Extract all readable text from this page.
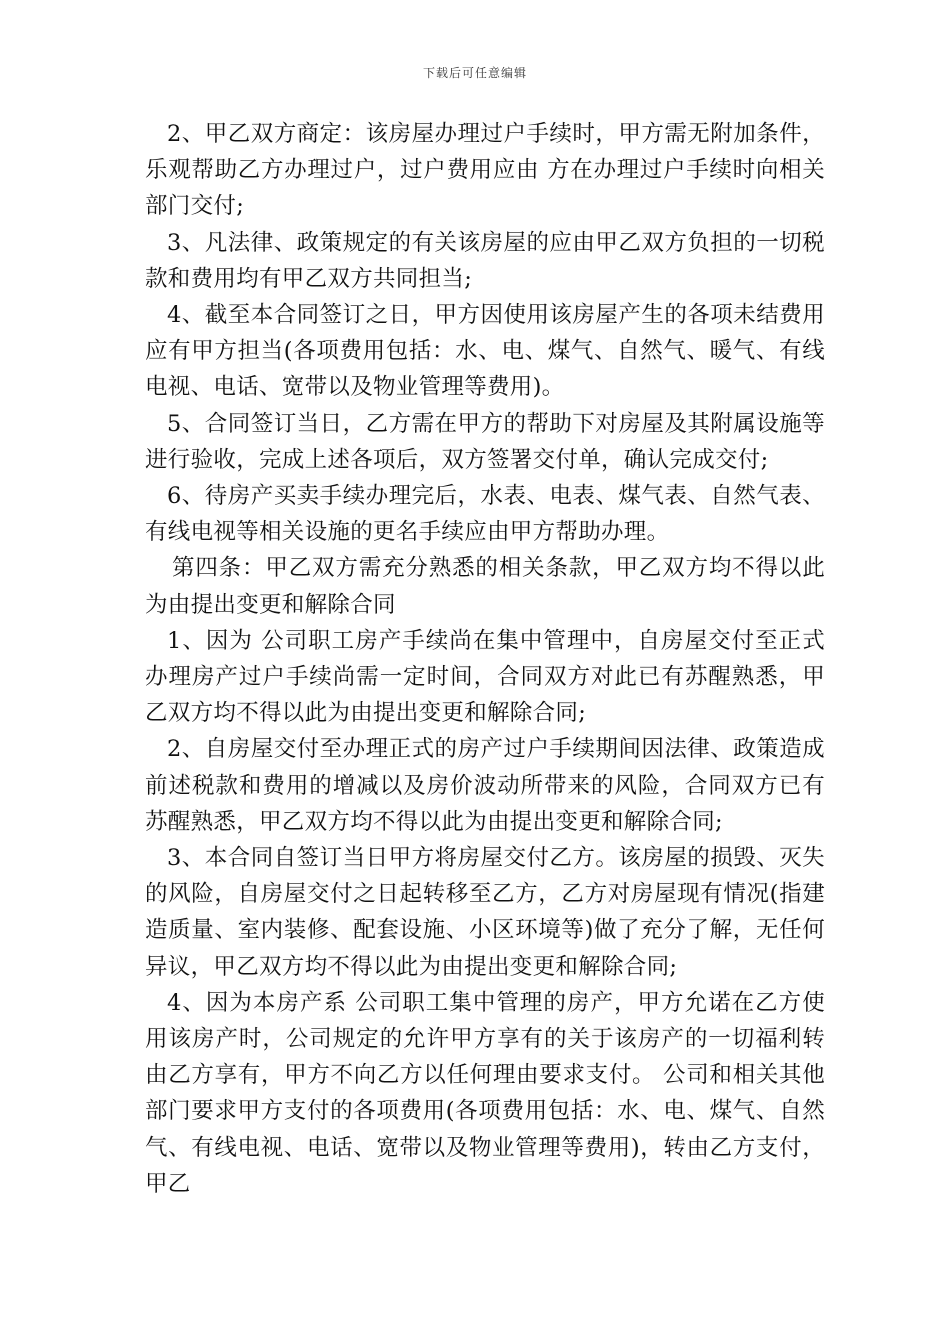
下载后可任意编辑

2、甲乙双方商定：该房屋办理过户手续时，甲方需无附加条件，乐观帮助乙方办理过户，过户费用应由 方在办理过户手续时向相关部门交付;

3、凡法律、政策规定的有关该房屋的应由甲乙双方负担的一切税款和费用均有甲乙双方共同担当;

4、截至本合同签订之日，甲方因使用该房屋产生的各项未结费用应有甲方担当(各项费用包括：水、电、煤气、自然气、暖气、有线电视、电话、宽带以及物业管理等费用)。

5、合同签订当日，乙方需在甲方的帮助下对房屋及其附属设施等进行验收，完成上述各项后，双方签署交付单，确认完成交付;

6、待房产买卖手续办理完后，水表、电表、煤气表、自然气表、有线电视等相关设施的更名手续应由甲方帮助办理。

第四条：甲乙双方需充分熟悉的相关条款，甲乙双方均不得以此为由提出变更和解除合同

1、因为 公司职工房产手续尚在集中管理中，自房屋交付至正式办理房产过户手续尚需一定时间，合同双方对此已有苏醒熟悉，甲乙双方均不得以此为由提出变更和解除合同;

2、自房屋交付至办理正式的房产过户手续期间因法律、政策造成前述税款和费用的增减以及房价波动所带来的风险，合同双方已有苏醒熟悉，甲乙双方均不得以此为由提出变更和解除合同;

3、本合同自签订当日甲方将房屋交付乙方。该房屋的损毁、灭失的风险，自房屋交付之日起转移至乙方，乙方对房屋现有情况(指建造质量、室内装修、配套设施、小区环境等)做了充分了解，无任何异议，甲乙双方均不得以此为由提出变更和解除合同;

4、因为本房产系 公司职工集中管理的房产，甲方允诺在乙方使用该房产时，公司规定的允许甲方享有的关于该房产的一切福利转由乙方享有，甲方不向乙方以任何理由要求支付。 公司和相关其他部门要求甲方支付的各项费用(各项费用包括：水、电、煤气、自然气、有线电视、电话、宽带以及物业管理等费用)，转由乙方支付，甲乙
